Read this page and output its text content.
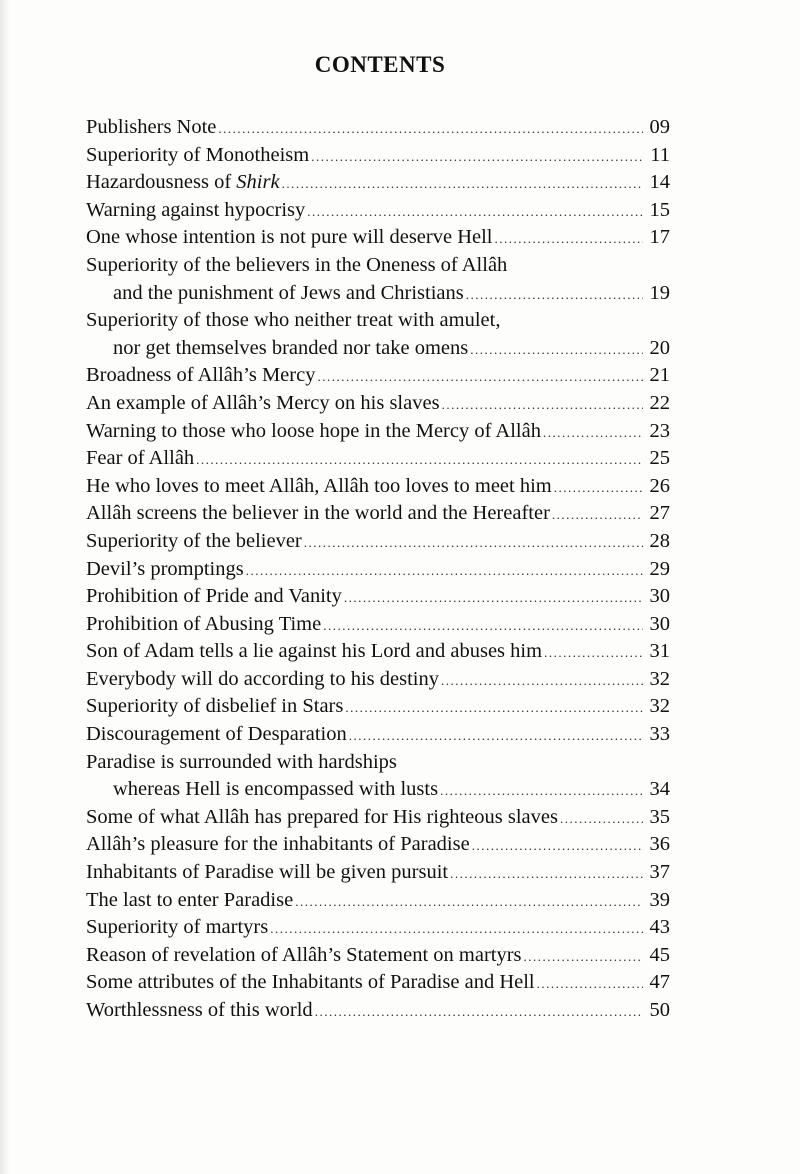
CONTENTS
Publishers Note .....	09
Superiority of Monotheism .....	11
Hazardousness of Shirk .....	14
Warning against hypocrisy .....	15
One whose intention is not pure will deserve Hell .....	17
Superiority of the believers in the Oneness of Allâh
and the punishment of Jews and Christians .....	19
Superiority of those who neither treat with amulet,
nor get themselves branded nor take omens .....	20
Broadness of Allâh’s Mercy .....	21
An example of Allâh’s Mercy on his slaves .....	22
Warning to those who loose hope in the Mercy of Allâh .....	23
Fear of Allâh .....	25
He who loves to meet Allâh, Allâh too loves to meet him .....	26
Allâh screens the believer in the world and the Hereafter .....	27
Superiority of the believer .....	28
Devil’s promptings .....	29
Prohibition of Pride and Vanity .....	30
Prohibition of Abusing Time .....	30
Son of Adam tells a lie against his Lord and abuses him .....	31
Everybody will do according to his destiny .....	32
Superiority of disbelief in Stars .....	32
Discouragement of Desparation .....	33
Paradise is surrounded with hardships
whereas Hell is encompassed with lusts .....	34
Some of what Allâh has prepared for His righteous slaves .....	35
Allâh’s pleasure for the inhabitants of Paradise .....	36
Inhabitants of Paradise will be given pursuit .....	37
The last to enter Paradise .....	39
Superiority of martyrs .....	43
Reason of revelation of Allâh’s Statement on martyrs .....	45
Some attributes of the Inhabitants of Paradise and Hell .....	47
Worthlessness of this world .....	50
